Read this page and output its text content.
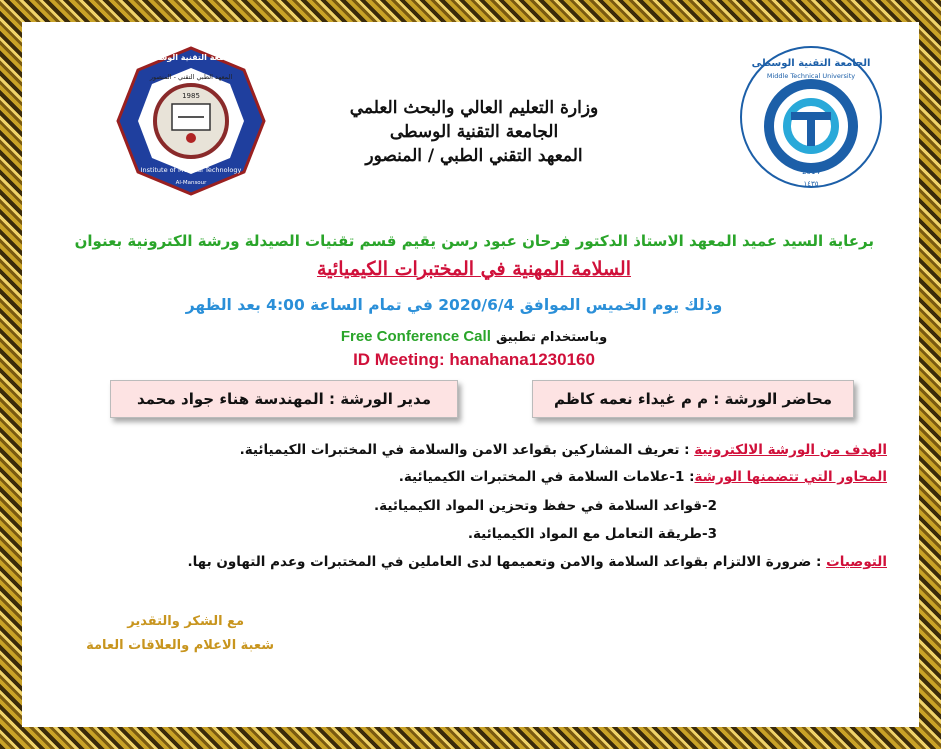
1985
الجامعة التقنية الوسطى
المعهد الطبي التقني - المنصور
Institute of Medical Technology
Al-Mansour
وزارة التعليم العالي والبحث العلمي
الجامعة التقنية الوسطى
المعهد التقني الطبي / المنصور
الجامعة التقنية الوسطى
Middle Technical University
2014
١٤٣٥
برعاية السيد عميد المعهد الاستاذ الدكتور فرحان عبود رسن يقيم قسم تقنيات الصيدلة ورشة الكترونية بعنوان
السلامة المهنية في المختبرات الكيميائية
وذلك يوم الخميس الموافق 2020/6/4 في تمام الساعة 4:00 بعد الظهر
Free Conference Call وباستخدام تطبيق
ID Meeting: hanahana1230160
محاضر الورشة : م م غيداء نعمه كاظم
مدير الورشة : المهندسة هناء جواد محمد
الهدف من الورشة الالكترونية : تعريف المشاركين بقواعد الامن والسلامة في المختبرات الكيميائية.
المحاور التي تتضمنها الورشة: 1-علامات السلامة في المختبرات الكيميائية.
2-قواعد السلامة في حفظ وتحزين المواد الكيميائية.
3-طريقة التعامل مع المواد الكيميائية.
التوصيات : ضرورة الالتزام بقواعد السلامة والامن وتعميمها لدى العاملين في المختبرات وعدم التهاون بها.
مع الشكر والتقدير
شعبة الاعلام والعلاقات العامة
